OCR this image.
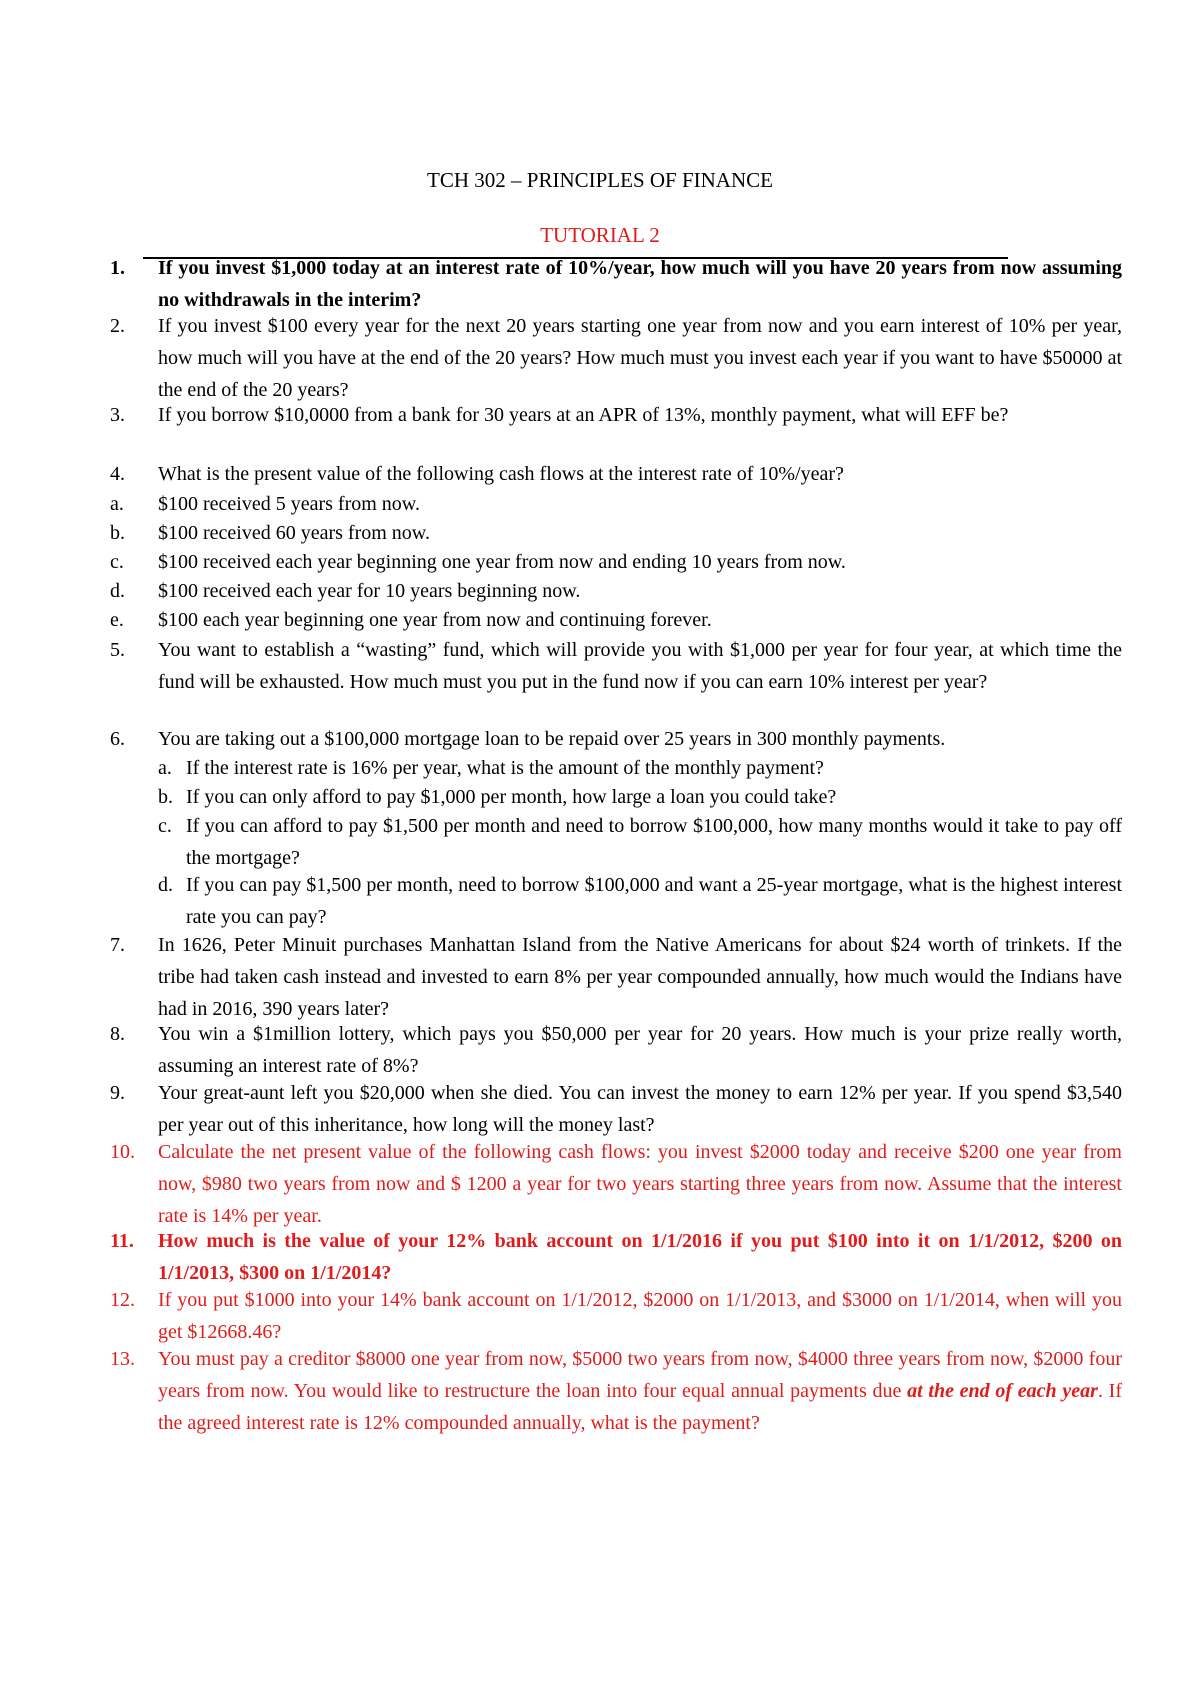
TCH 302 – PRINCIPLES OF FINANCE
TUTORIAL 2
1.	If you invest $1,000 today at an interest rate of 10%/year, how much will you have 20 years from now assuming no withdrawals in the interim?
2.	If you invest $100 every year for the next 20 years starting one year from now and you earn interest of 10% per year, how much will you have at the end of the 20 years? How much must you invest each year if you want to have $50000 at the end of the 20 years?
3.	If you borrow $10,0000 from a bank for 30 years at an APR of 13%, monthly payment, what will EFF be?
4.	What is the present value of the following cash flows at the interest rate of 10%/year?
a. $100 received 5 years from now.
b. $100 received 60 years from now.
c. $100 received each year beginning one year from now and ending 10 years from now.
d. $100 received each year for 10 years beginning now.
e. $100 each year beginning one year from now and continuing forever.
5.	You want to establish a “wasting” fund, which will provide you with $1,000 per year for four year, at which time the fund will be exhausted. How much must you put in the fund now if you can earn 10% interest per year?
6.	You are taking out a $100,000 mortgage loan to be repaid over 25 years in 300 monthly payments.
a. If the interest rate is 16% per year, what is the amount of the monthly payment?
b. If you can only afford to pay $1,000 per month, how large a loan you could take?
c. If you can afford to pay $1,500 per month and need to borrow $100,000, how many months would it take to pay off the mortgage?
d. If you can pay $1,500 per month, need to borrow $100,000 and want a 25-year mortgage, what is the highest interest rate you can pay?
7.	In 1626, Peter Minuit purchases Manhattan Island from the Native Americans for about $24 worth of trinkets. If the tribe had taken cash instead and invested to earn 8% per year compounded annually, how much would the Indians have had in 2016, 390 years later?
8.	You win a $1million lottery, which pays you $50,000 per year for 20 years. How much is your prize really worth, assuming an interest rate of 8%?
9.	Your great-aunt left you $20,000 when she died. You can invest the money to earn 12% per year. If you spend $3,540 per year out of this inheritance, how long will the money last?
10.	Calculate the net present value of the following cash flows: you invest $2000 today and receive $200 one year from now, $980 two years from now and $ 1200 a year for two years starting three years from now. Assume that the interest rate is 14% per year.
11.	How much is the value of your 12% bank account on 1/1/2016 if you put $100 into it on 1/1/2012, $200 on 1/1/2013, $300 on 1/1/2014?
12.	If you put $1000 into your 14% bank account on 1/1/2012, $2000 on 1/1/2013, and $3000 on 1/1/2014, when will you get $12668.46?
13.	You must pay a creditor $8000 one year from now, $5000 two years from now, $4000 three years from now, $2000 four years from now. You would like to restructure the loan into four equal annual payments due at the end of each year. If the agreed interest rate is 12% compounded annually, what is the payment?
